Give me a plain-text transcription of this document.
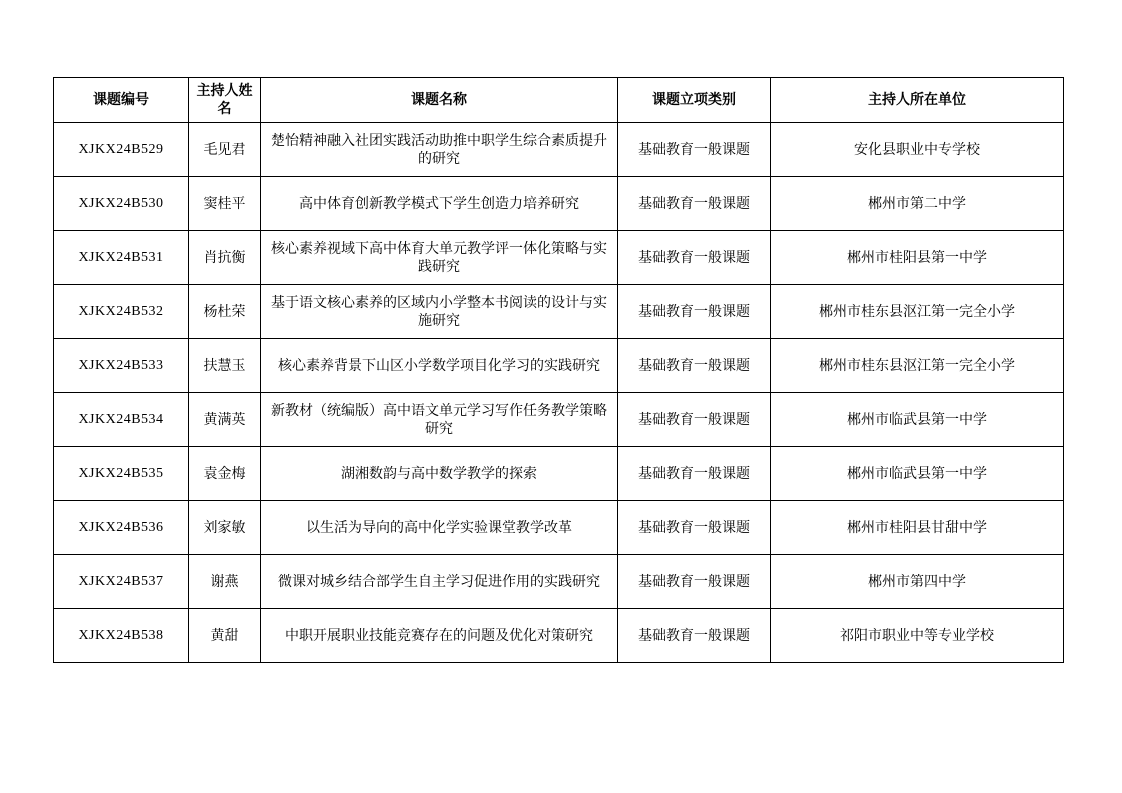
课题编号	主持人姓名	课题名称	课题立项类别	主持人所在单位
XJKX24B529	毛见君	楚怡精神融入社团实践活动助推中职学生综合素质提升的研究	基础教育一般课题	安化县职业中专学校
XJKX24B530	窦桂平	高中体育创新教学模式下学生创造力培养研究	基础教育一般课题	郴州市第二中学
XJKX24B531	肖抗衡	核心素养视域下高中体育大单元教学评一体化策略与实践研究	基础教育一般课题	郴州市桂阳县第一中学
XJKX24B532	杨杜荣	基于语文核心素养的区域内小学整本书阅读的设计与实施研究	基础教育一般课题	郴州市桂东县沤江第一完全小学
XJKX24B533	扶慧玉	核心素养背景下山区小学数学项目化学习的实践研究	基础教育一般课题	郴州市桂东县沤江第一完全小学
XJKX24B534	黄满英	新教材（统编版）高中语文单元学习写作任务教学策略研究	基础教育一般课题	郴州市临武县第一中学
XJKX24B535	袁金梅	湖湘数韵与高中数学教学的探索	基础教育一般课题	郴州市临武县第一中学
XJKX24B536	刘家敏	以生活为导向的高中化学实验课堂教学改革	基础教育一般课题	郴州市桂阳县甘甜中学
XJKX24B537	谢燕	微课对城乡结合部学生自主学习促进作用的实践研究	基础教育一般课题	郴州市第四中学
XJKX24B538	黄甜	中职开展职业技能竞赛存在的问题及优化对策研究	基础教育一般课题	祁阳市职业中等专业学校
